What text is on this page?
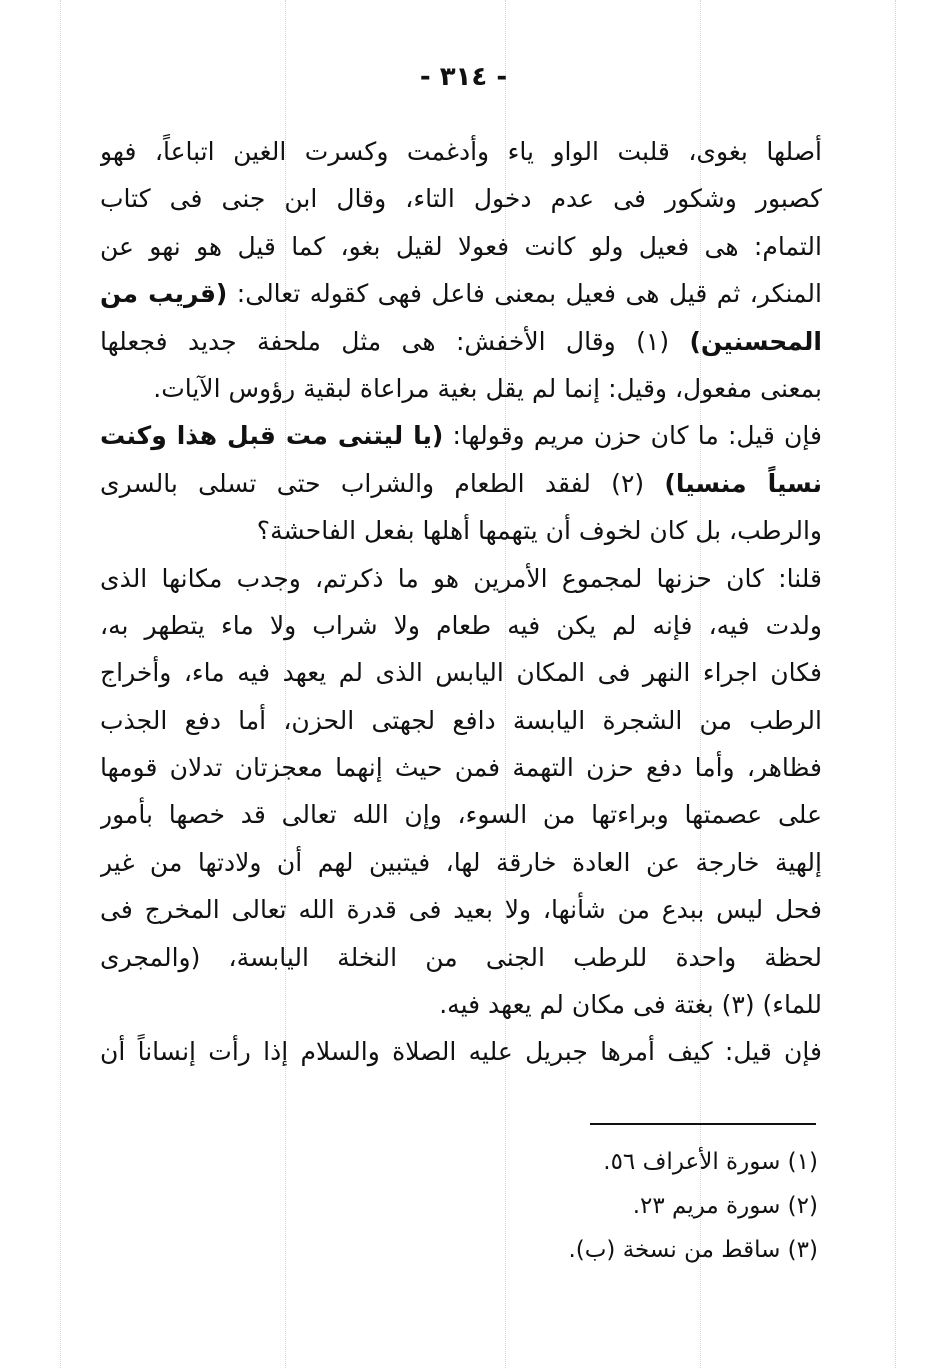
- ٣١٤ -
أصلها بغوى، قلبت الواو ياء وأدغمت وكسرت الغين اتباعاً، فهو
كصبور وشكور فى عدم دخول التاء، وقال ابن جنى فى كتاب
التمام: هى فعيل ولو كانت فعولا لقيل بغو، كما قيل هو نهو عن
المنكر، ثم قيل هى فعيل بمعنى فاعل فهى كقوله تعالى: (قريب من
المحسنين) (١) وقال الأخفش: هى مثل ملحفة جديد فجعلها
بمعنى مفعول، وقيل: إنما لم يقل بغية مراعاة لبقية رؤوس الآيات.
فإن قيل: ما كان حزن مريم وقولها: (يا ليتنى مت قبل هذا وكنت
نسياً منسيا) (٢) لفقد الطعام والشراب حتى تسلى بالسرى
والرطب، بل كان لخوف أن يتهمها أهلها بفعل الفاحشة؟
قلنا: كان حزنها لمجموع الأمرين هو ما ذكرتم، وجدب مكانها الذى
ولدت فيه، فإنه لم يكن فيه طعام ولا شراب ولا ماء يتطهر به،
فكان اجراء النهر فى المكان اليابس الذى لم يعهد فيه ماء، وأخراج
الرطب من الشجرة اليابسة دافع لجهتى الحزن، أما دفع الجذب
فظاهر، وأما دفع حزن التهمة فمن حيث إنهما معجزتان تدلان قومها
على عصمتها وبراءتها من السوء، وإن الله تعالى قد خصها بأمور
إلهية خارجة عن العادة خارقة لها، فيتبين لهم أن ولادتها من غير
فحل ليس ببدع من شأنها، ولا بعيد فى قدرة الله تعالى المخرج فى
لحظة واحدة للرطب الجنى من النخلة اليابسة، (والمجرى
للماء) (٣) بغتة فى مكان لم يعهد فيه.
فإن قيل: كيف أمرها جبريل عليه الصلاة والسلام إذا رأت إنساناً أن
(١) سورة الأعراف ٥٦.
(٢) سورة مريم ٢٣.
(٣) ساقط من نسخة (ب).
